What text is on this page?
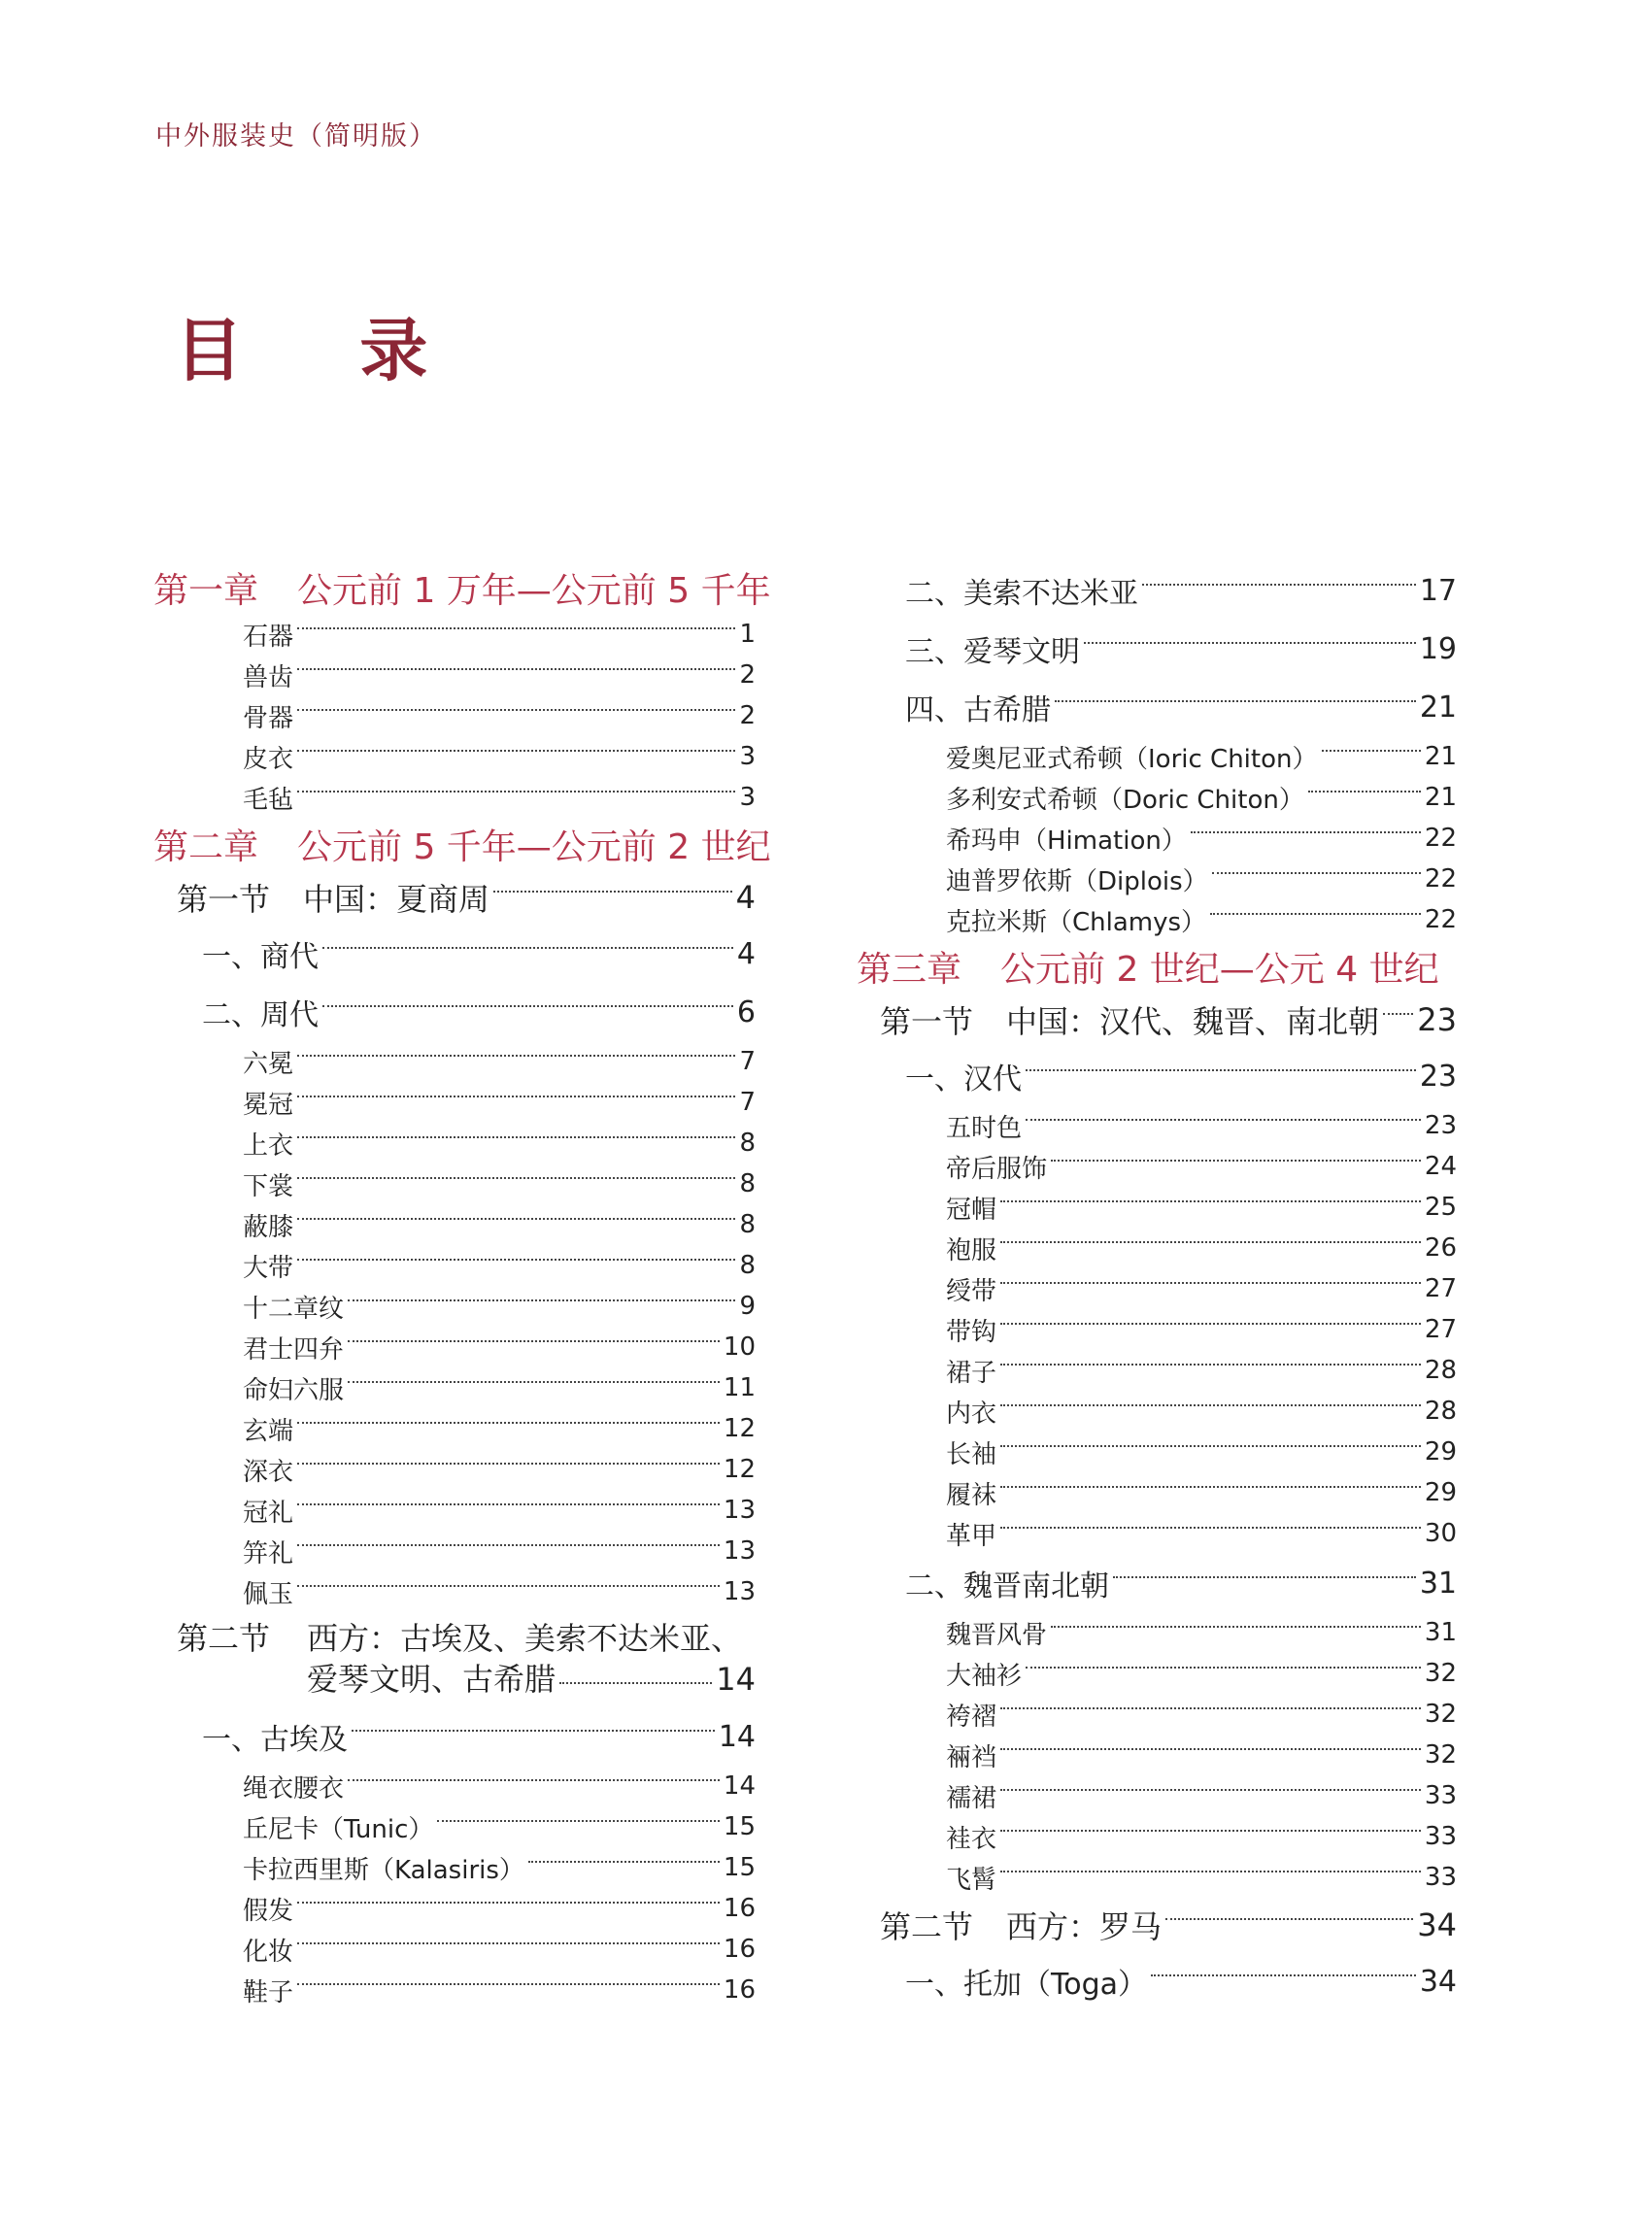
中外服装史（简明版）
目 录
第一章 公元前 1 万年—公元前 5 千年
石器	1
兽齿	2
骨器	2
皮衣	3
毛毡	3
第二章 公元前 5 千年—公元前 2 世纪
第一节 中国：夏商周	4
一、商代	4
二、周代	6
六冕	7
冕冠	7
上衣	8
下裳	8
蔽膝	8
大带	8
十二章纹	9
君士四弁	10
命妇六服	11
玄端	12
深衣	12
冠礼	13
笄礼	13
佩玉	13
第二节	西方：古埃及、美索不达米亚、
爱琴文明、古希腊	14
一、古埃及	14
绳衣腰衣	14
丘尼卡（Tunic）	15
卡拉西里斯（Kalasiris）	15
假发	16
化妆	16
鞋子	16
二、美索不达米亚	17
三、爱琴文明	19
四、古希腊	21
爱奥尼亚式希顿（Ioric Chiton）	21
多利安式希顿（Doric Chiton）	21
希玛申（Himation）	22
迪普罗依斯（Diplois）	22
克拉米斯（Chlamys）	22
第三章 公元前 2 世纪—公元 4 世纪
第一节 中国：汉代、魏晋、南北朝 23
一、汉代	23
五时色	23
帝后服饰	24
冠帽	25
袍服	26
绶带	27
带钩	27
裙子	28
内衣	28
长袖	29
履袜	29
革甲	30
二、魏晋南北朝	31
魏晋风骨	31
大袖衫	32
袴褶	32
裲裆	32
襦裙	33
袿衣	33
飞髾	33
第二节 西方：罗马	34
一、托加（Toga）	34
